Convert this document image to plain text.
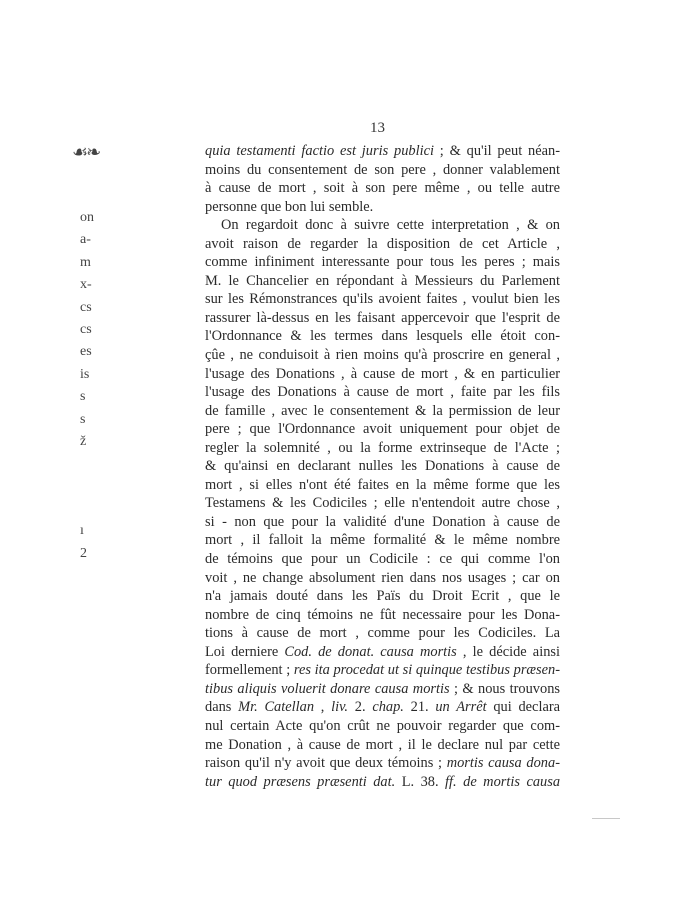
☙❧
13
on
a-
m
x-
cs
cs
es
is
s
s
ž
ı
2
quia testamenti factio est juris publici ; & qu'il peut néan-
moins du consentement de son pere , donner valablement
à cause de mort , soit à son pere même , ou telle autre
personne que bon lui semble.
On regardoit donc à suivre cette interpretation , & on
avoit raison de regarder la disposition de cet Article ,
comme infiniment interessante pour tous les peres ; mais
M. le Chancelier en répondant à Messieurs du Parlement
sur les Rémonstrances qu'ils avoient faites , voulut bien les
rassurer là-dessus en les faisant appercevoir que l'esprit de
l'Ordonnance & les termes dans lesquels elle étoit con-
çûe , ne conduisoit à rien moins qu'à proscrire en general ,
l'usage des Donations , à cause de mort , & en particulier
l'usage des Donations à cause de mort , faite par les fils
de famille , avec le consentement & la permission de leur
pere ; que l'Ordonnance avoit uniquement pour objet de
regler la solemnité , ou la forme extrinseque de l'Acte ;
& qu'ainsi en declarant nulles les Donations à cause de
mort , si elles n'ont été faites en la même forme que les
Testamens & les Codiciles ; elle n'entendoit autre chose ,
si - non que pour la validité d'une Donation à cause de
mort , il falloit la même formalité & le même nombre
de témoins que pour un Codicile : ce qui comme l'on
voit , ne change absolument rien dans nos usages ; car on
n'a jamais douté dans les Païs du Droit Ecrit , que le
nombre de cinq témoins ne fût necessaire pour les Dona-
tions à cause de mort , comme pour les Codiciles. La
Loi derniere Cod. de donat. causa mortis , le décide ainsi
formellement ; res ita procedat ut si quinque testibus præsen-
tibus aliquis voluerit donare causa mortis ; & nous trouvons
dans Mr. Catellan , liv. 2. chap. 21. un Arrêt qui declara
nul certain Acte qu'on crût ne pouvoir regarder que com-
me Donation , à cause de mort , il le declare nul par cette
raison qu'il n'y avoit que deux témoins ; mortis causa dona-
tur quod præsens præsenti dat. L. 38. ff. de mortis causa
